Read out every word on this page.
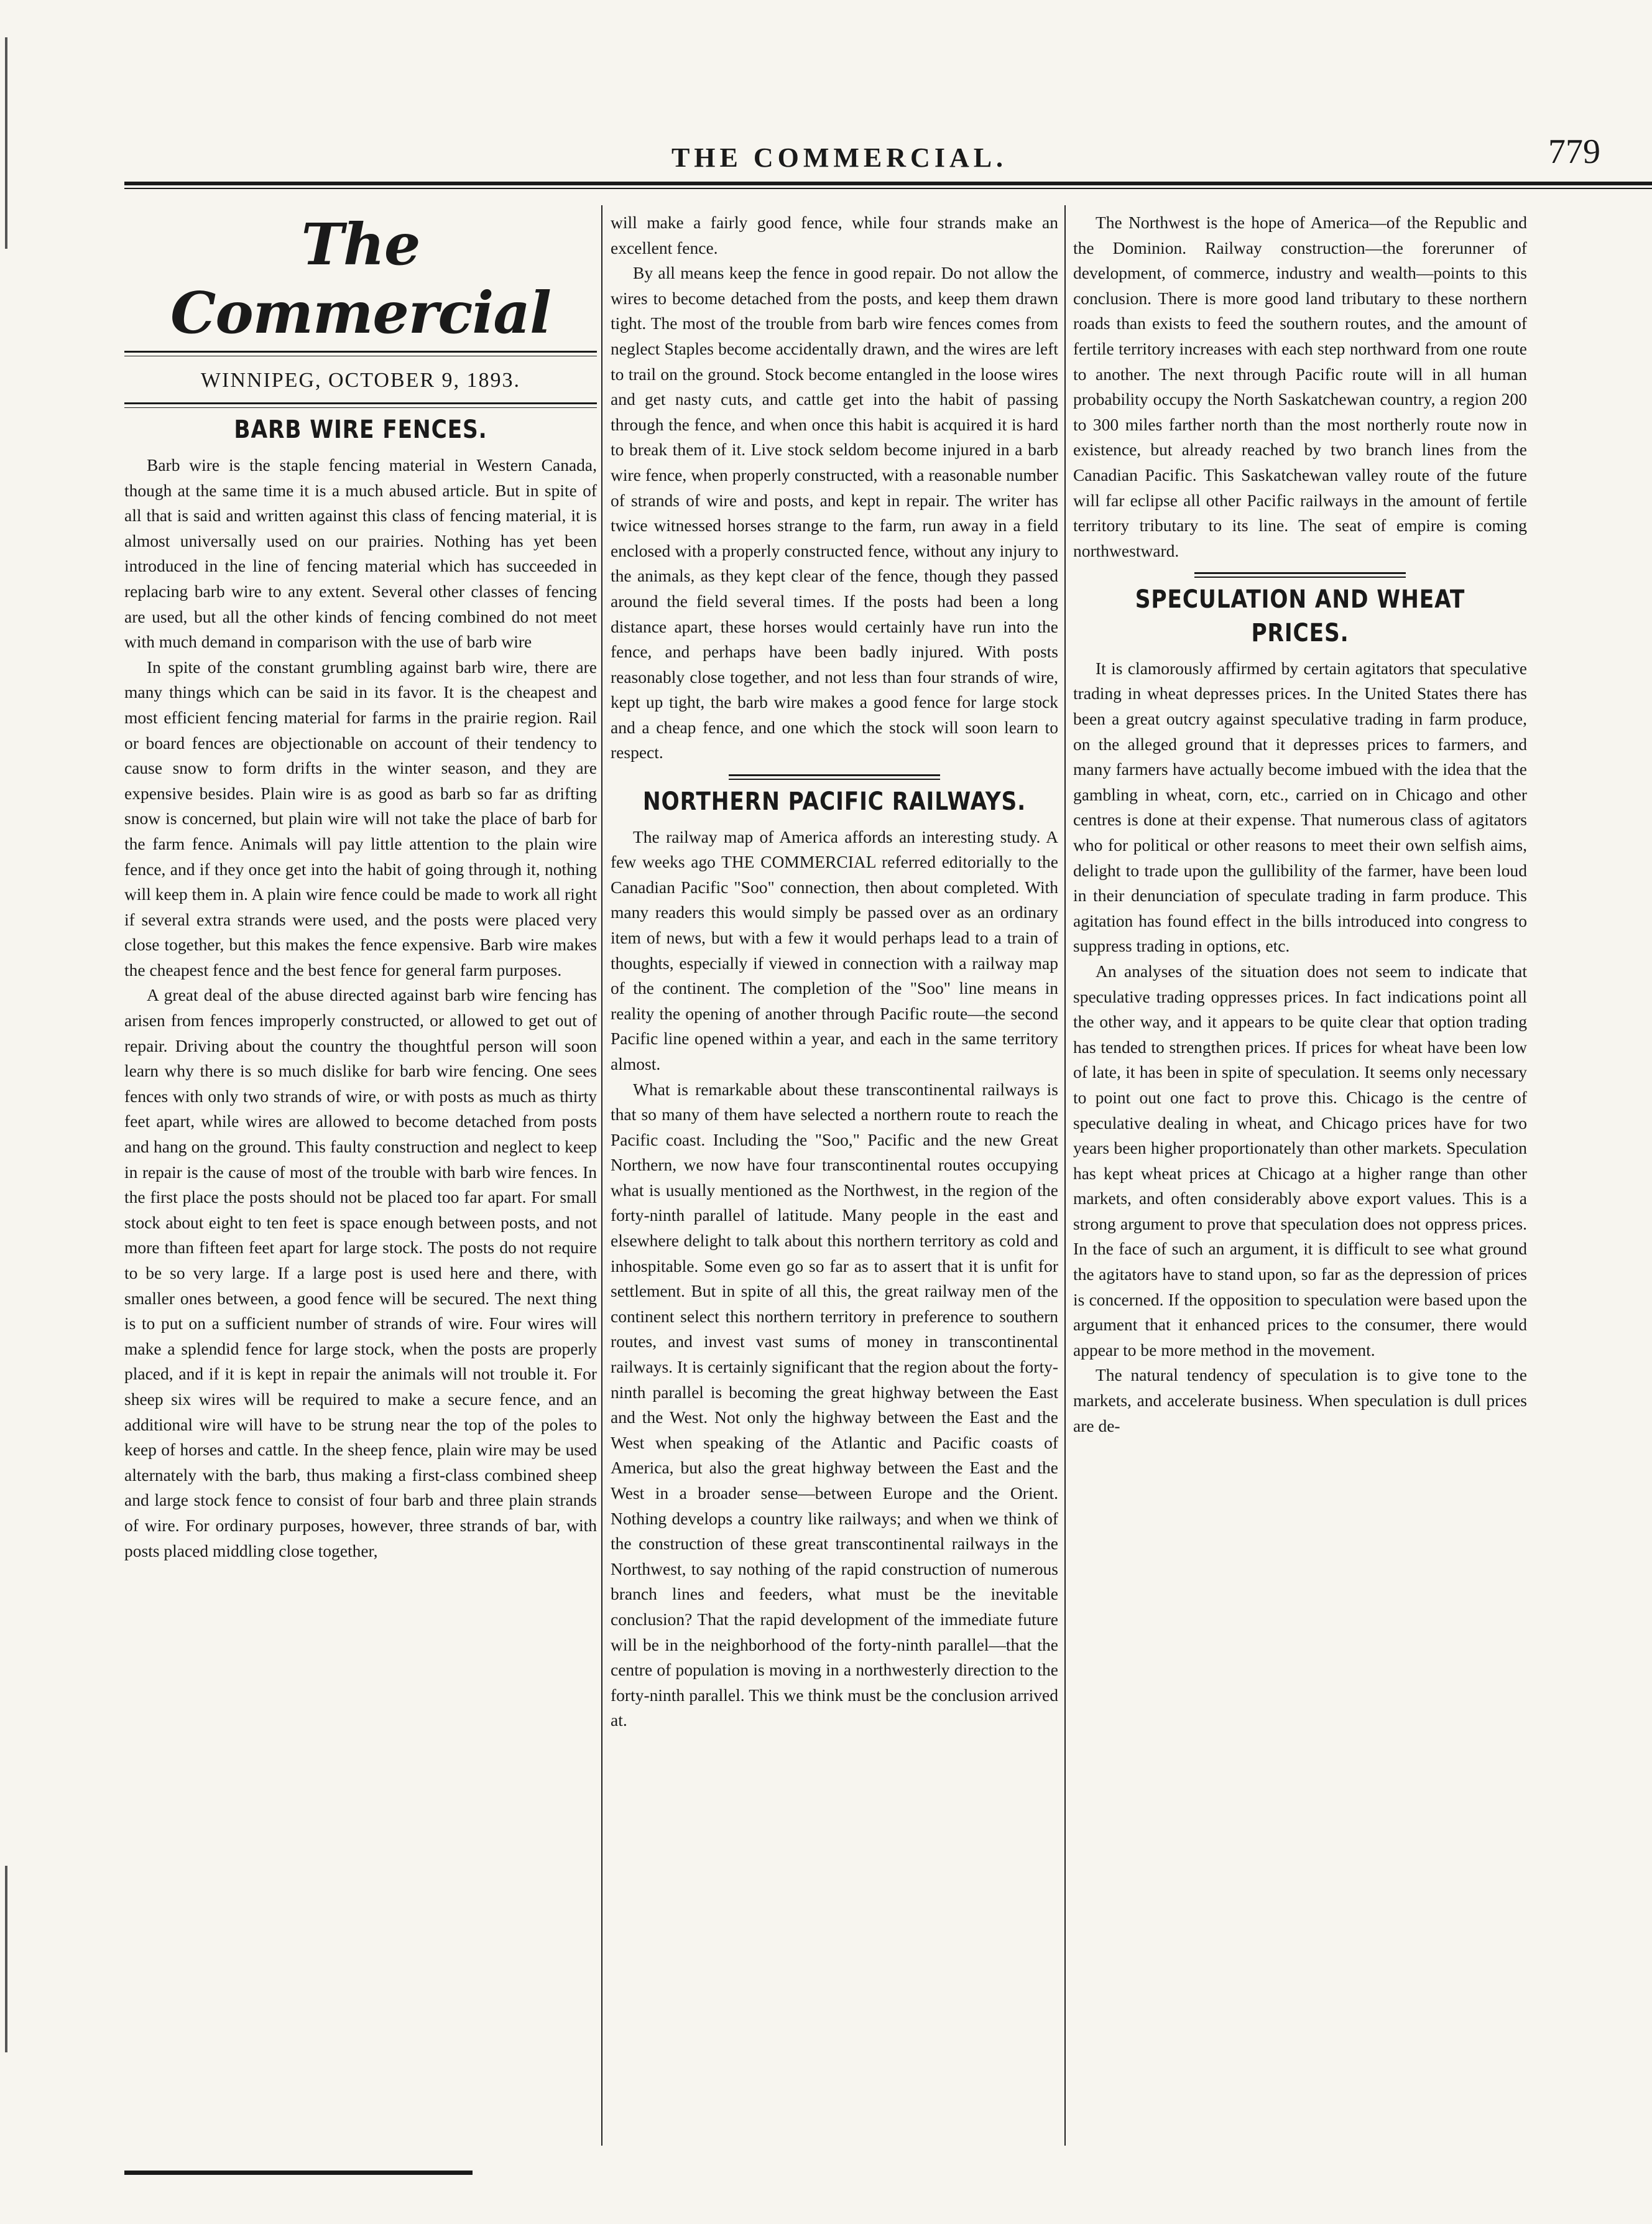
THE COMMERCIAL.	779
The Commercial
WINNIPEG, OCTOBER 9, 1893.
BARB WIRE FENCES.

Barb wire is the staple fencing material in Western Canada, though at the same time it is a much abused article. But in spite of all that is said and written against this class of fencing material, it is almost universally used on our prairies. Nothing has yet been introduced in the line of fencing material which has succeeded in replacing barb wire to any extent. Several other classes of fencing are used, but all the other kinds of fencing combined do not meet with much demand in comparison with the use of barb wire

In spite of the constant grumbling against barb wire, there are many things which can be said in its favor. It is the cheapest and most efficient fencing material for farms in the prairie region. Rail or board fences are objectionable on account of their tendency to cause snow to form drifts in the winter season, and they are expensive besides. Plain wire is as good as barb so far as drifting snow is concerned, but plain wire will not take the place of barb for the farm fence. Animals will pay little attention to the plain wire fence, and if they once get into the habit of going through it, nothing will keep them in. A plain wire fence could be made to work all right if several extra strands were used, and the posts were placed very close together, but this makes the fence expensive. Barb wire makes the cheapest fence and the best fence for general farm purposes.

A great deal of the abuse directed against barb wire fencing has arisen from fences improperly constructed, or allowed to get out of repair. Driving about the country the thoughtful person will soon learn why there is so much dislike for barb wire fencing. One sees fences with only two strands of wire, or with posts as much as thirty feet apart, while wires are allowed to become detached from posts and hang on the ground. This faulty construction and neglect to keep in repair is the cause of most of the trouble with barb wire fences. In the first place the posts should not be placed too far apart. For small stock about eight to ten feet is space enough between posts, and not more than fifteen feet apart for large stock. The posts do not require to be so very large. If a large post is used here and there, with smaller ones between, a good fence will be secured. The next thing is to put on a sufficient number of strands of wire. Four wires will make a splendid fence for large stock, when the posts are properly placed, and if it is kept in repair the animals will not trouble it. For sheep six wires will be required to make a secure fence, and an additional wire will have to be strung near the top of the poles to keep of horses and cattle. In the sheep fence, plain wire may be used alternately with the barb, thus making a first-class combined sheep and large stock fence to consist of four barb and three plain strands of wire. For ordinary purposes, however, three strands of bar, with posts placed middling close together,

will make a fairly good fence, while four strands make an excellent fence.

By all means keep the fence in good repair. Do not allow the wires to become detached from the posts, and keep them drawn tight. The most of the trouble from barb wire fences comes from neglect Staples become accidentally drawn, and the wires are left to trail on the ground. Stock become entangled in the loose wires and get nasty cuts, and cattle get into the habit of passing through the fence, and when once this habit is acquired it is hard to break them of it. Live stock seldom become injured in a barb wire fence, when properly constructed, with a reasonable number of strands of wire and posts, and kept in repair. The writer has twice witnessed horses strange to the farm, run away in a field enclosed with a properly constructed fence, without any injury to the animals, as they kept clear of the fence, though they passed around the field several times. If the posts had been a long distance apart, these horses would certainly have run into the fence, and perhaps have been badly injured. With posts reasonably close together, and not less than four strands of wire, kept up tight, the barb wire makes a good fence for large stock and a cheap fence, and one which the stock will soon learn to respect.

NORTHERN PACIFIC RAILWAYS.

The railway map of America affords an interesting study. A few weeks ago THE COMMERCIAL referred editorially to the Canadian Pacific "Soo" connection, then about completed. With many readers this would simply be passed over as an ordinary item of news, but with a few it would perhaps lead to a train of thoughts, especially if viewed in connection with a railway map of the continent. The completion of the "Soo" line means in reality the opening of another through Pacific route—the second Pacific line opened within a year, and each in the same territory almost.

What is remarkable about these transcontinental railways is that so many of them have selected a northern route to reach the Pacific coast. Including the "Soo," Pacific and the new Great Northern, we now have four transcontinental routes occupying what is usually mentioned as the Northwest, in the region of the forty-ninth parallel of latitude. Many people in the east and elsewhere delight to talk about this northern territory as cold and inhospitable. Some even go so far as to assert that it is unfit for settlement. But in spite of all this, the great railway men of the continent select this northern territory in preference to southern routes, and invest vast sums of money in transcontinental railways. It is certainly significant that the region about the forty-ninth parallel is becoming the great highway between the East and the West. Not only the highway between the East and the West when speaking of the Atlantic and Pacific coasts of America, but also the great highway between the East and the West in a broader sense—between Europe and the Orient. Nothing develops a country like railways; and when we think of the construction of these great transcontinental railways in the Northwest, to say nothing of the rapid construction of numerous branch lines and feeders, what must be the inevitable conclusion? That the rapid development of the immediate future will be in the neighborhood of the forty-ninth parallel—that the centre of population is moving in a northwesterly direction to the forty-ninth parallel. This we think must be the conclusion arrived at.

The Northwest is the hope of America—of the Republic and the Dominion. Railway construction—the forerunner of development, of commerce, industry and wealth—points to this conclusion. There is more good land tributary to these northern roads than exists to feed the southern routes, and the amount of fertile territory increases with each step northward from one route to another. The next through Pacific route will in all human probability occupy the North Saskatchewan country, a region 200 to 300 miles farther north than the most northerly route now in existence, but already reached by two branch lines from the Canadian Pacific. This Saskatchewan valley route of the future will far eclipse all other Pacific railways in the amount of fertile territory tributary to its line. The seat of empire is coming northwestward.

SPECULATION AND WHEAT PRICES.

It is clamorously affirmed by certain agitators that speculative trading in wheat depresses prices. In the United States there has been a great outcry against speculative trading in farm produce, on the alleged ground that it depresses prices to farmers, and many farmers have actually become imbued with the idea that the gambling in wheat, corn, etc., carried on in Chicago and other centres is done at their expense. That numerous class of agitators who for political or other reasons to meet their own selfish aims, delight to trade upon the gullibility of the farmer, have been loud in their denunciation of speculate trading in farm produce. This agitation has found effect in the bills introduced into congress to suppress trading in options, etc.

An analyses of the situation does not seem to indicate that speculative trading oppresses prices. In fact indications point all the other way, and it appears to be quite clear that option trading has tended to strengthen prices. If prices for wheat have been low of late, it has been in spite of speculation. It seems only necessary to point out one fact to prove this. Chicago is the centre of speculative dealing in wheat, and Chicago prices have for two years been higher proportionately than other markets. Speculation has kept wheat prices at Chicago at a higher range than other markets, and often considerably above export values. This is a strong argument to prove that speculation does not oppress prices. In the face of such an argument, it is difficult to see what ground the agitators have to stand upon, so far as the depression of prices is concerned. If the opposition to speculation were based upon the argument that it enhanced prices to the consumer, there would appear to be more method in the movement.

The natural tendency of speculation is to give tone to the markets, and accelerate business. When speculation is dull prices are de-
